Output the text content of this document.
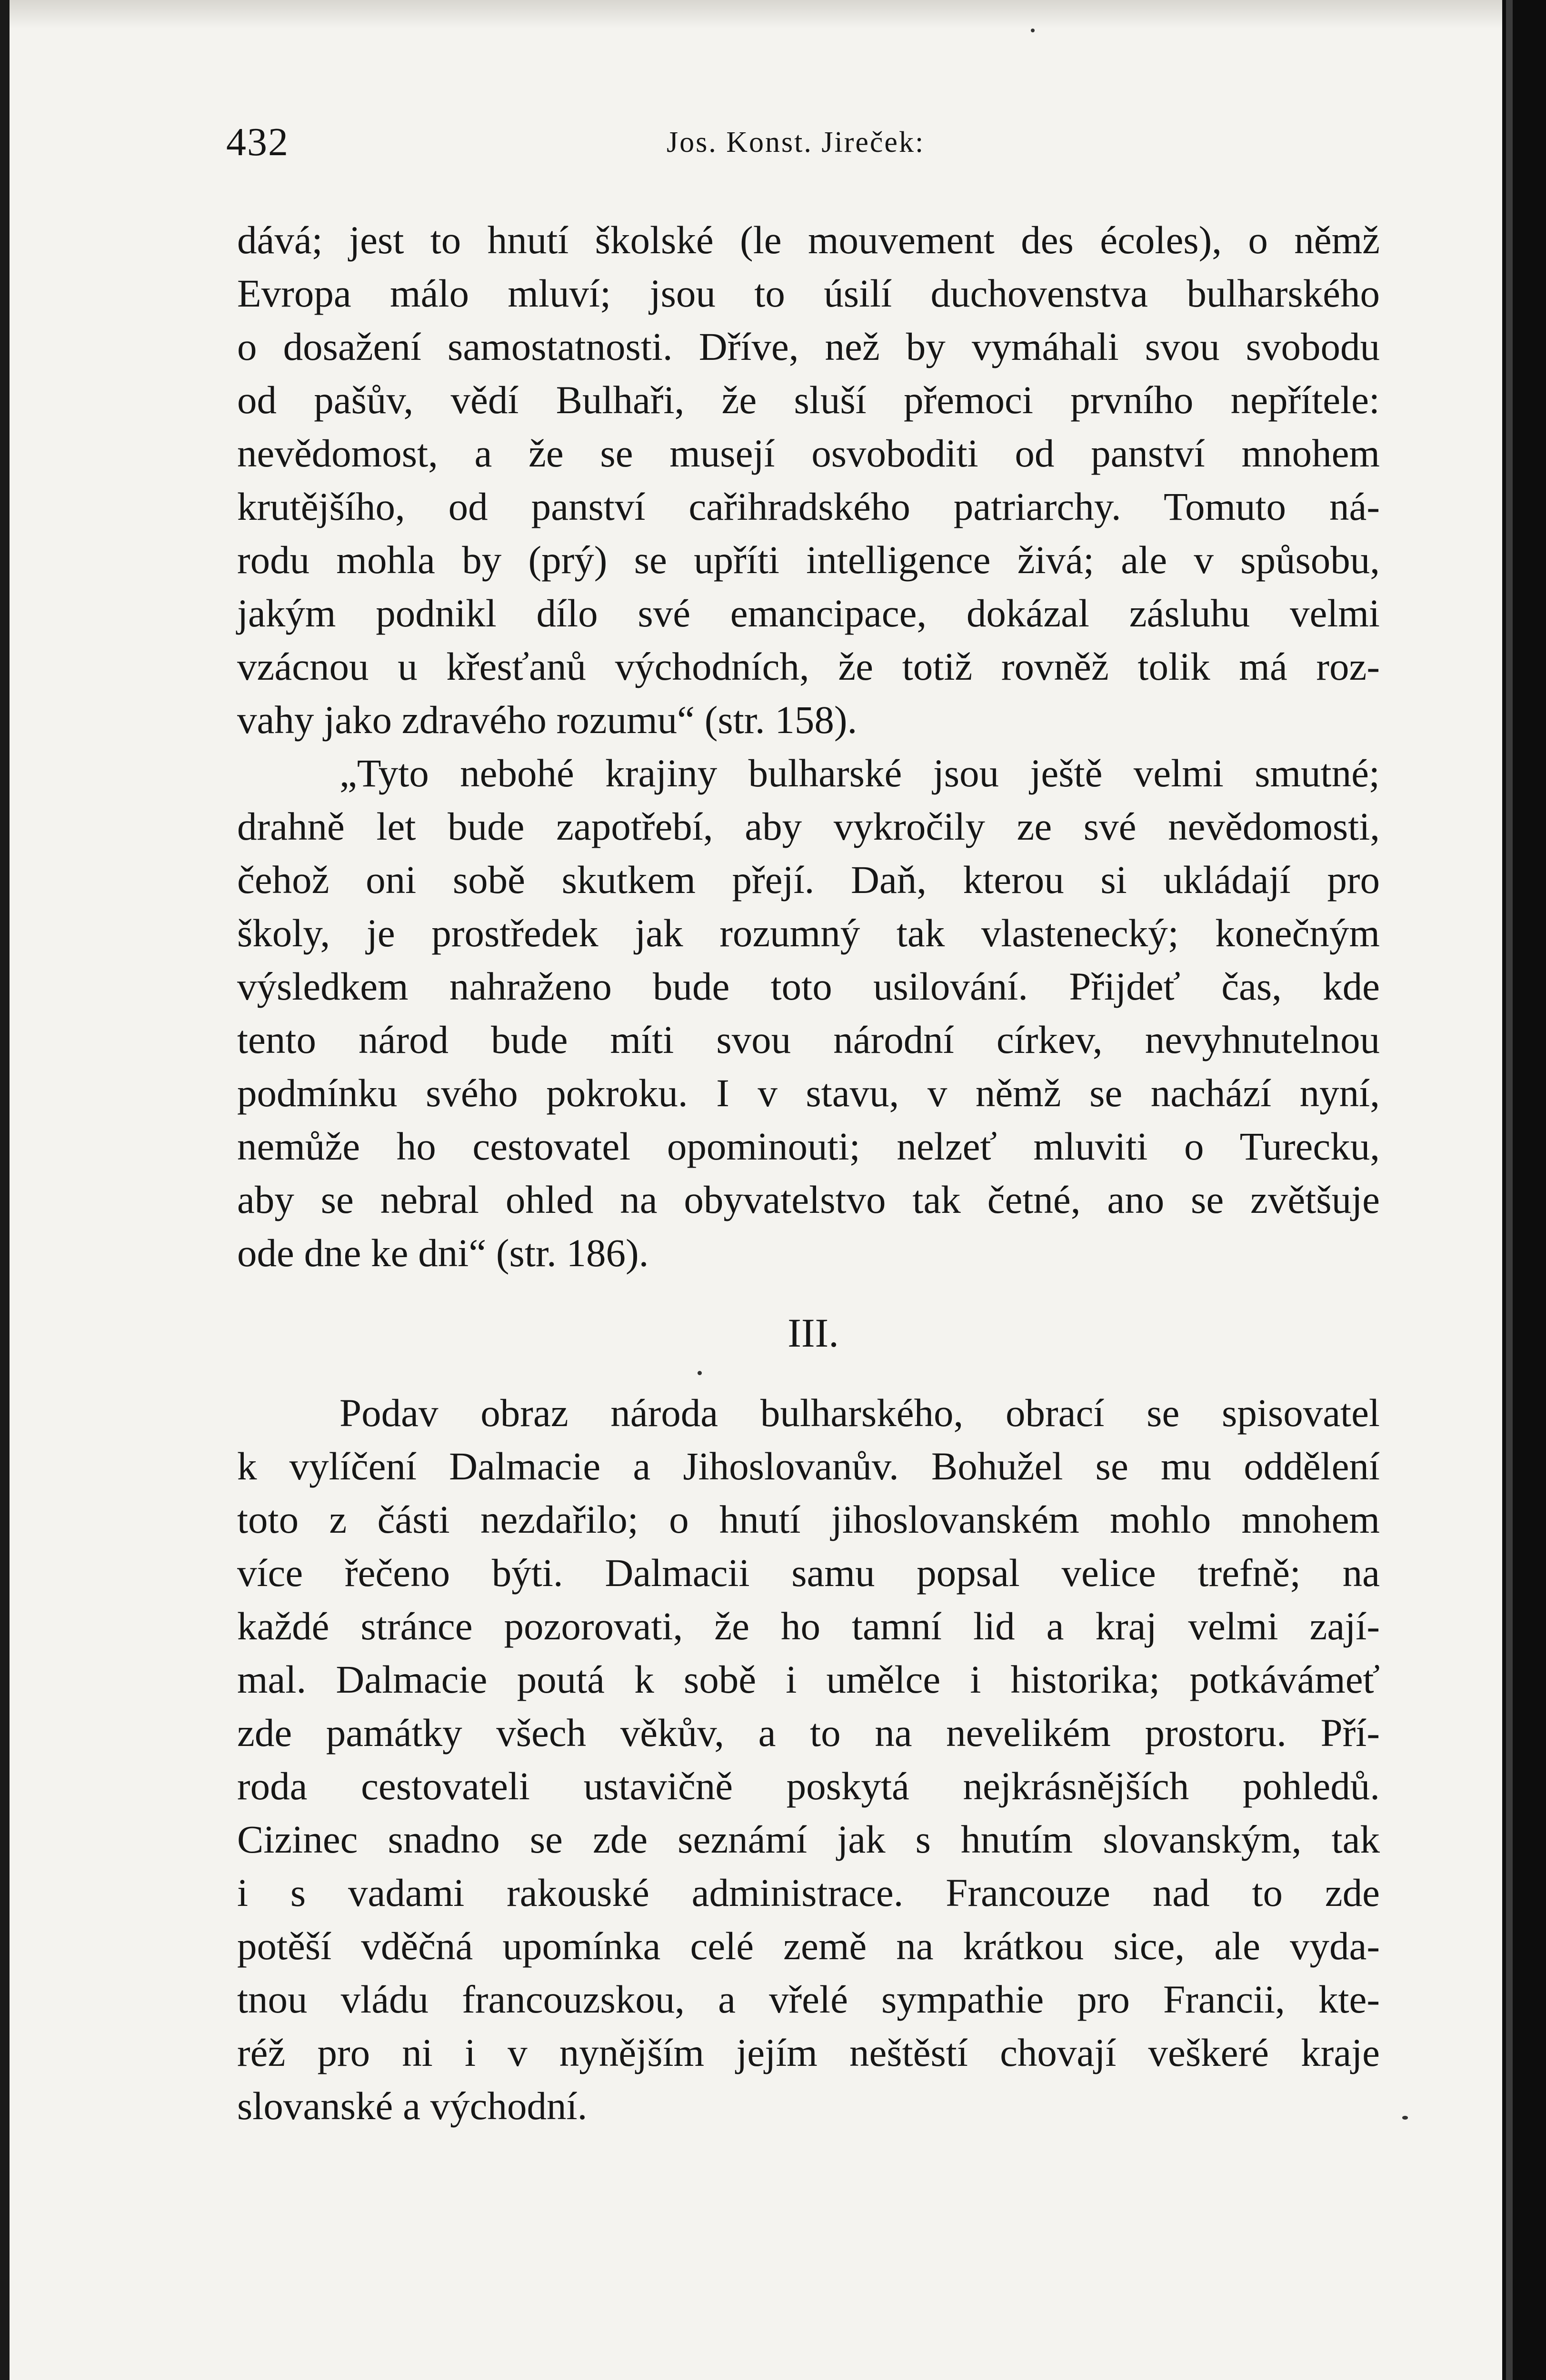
432	Jos. Konst. Jireček:
dává; jest to hnutí školské (le mouvement des écoles), o němž
Evropa málo mluví; jsou to úsilí duchovenstva bulharského
o dosažení samostatnosti. Dříve, než by vymáhali svou svobodu
od pašův, vědí Bulhaři, že sluší přemoci prvního nepřítele:
nevědomost, a že se musejí osvoboditi od panství mnohem
krutějšího, od panství cařihradského patriarchy. Tomuto ná-
rodu mohla by (prý) se upříti intelligence živá; ale v spůsobu,
jakým podnikl dílo své emancipace, dokázal zásluhu velmi
vzácnou u křesťanů východních, že totiž rovněž tolik má roz-
vahy jako zdravého rozumu“ (str. 158).
„Tyto nebohé krajiny bulharské jsou ještě velmi smutné;
drahně let bude zapotřebí, aby vykročily ze své nevědomosti,
čehož oni sobě skutkem přejí. Daň, kterou si ukládají pro
školy, je prostředek jak rozumný tak vlastenecký; konečným
výsledkem nahraženo bude toto usilování. Přijdeť čas, kde
tento národ bude míti svou národní církev, nevyhnutelnou
podmínku svého pokroku. I v stavu, v němž se nachází nyní,
nemůže ho cestovatel opominouti; nelzeť mluviti o Turecku,
aby se nebral ohled na obyvatelstvo tak četné, ano se zvětšuje
ode dne ke dni“ (str. 186).
III.
Podav obraz národa bulharského, obrací se spisovatel
k vylíčení Dalmacie a Jihoslovanův. Bohužel se mu oddělení
toto z části nezdařilo; o hnutí jihoslovanském mohlo mnohem
více řečeno býti. Dalmacii samu popsal velice trefně; na
každé stránce pozorovati, že ho tamní lid a kraj velmi zají-
mal. Dalmacie poutá k sobě i umělce i historika; potkávámeť
zde památky všech věkův, a to na nevelikém prostoru. Pří-
roda cestovateli ustavičně poskytá nejkrásnějších pohledů.
Cizinec snadno se zde seznámí jak s hnutím slovanským, tak
i s vadami rakouské administrace. Francouze nad to zde
potěší vděčná upomínka celé země na krátkou sice, ale vyda-
tnou vládu francouzskou, a vřelé sympathie pro Francii, kte-
réž pro ni i v nynějším jejím neštěstí chovají veškeré kraje
slovanské a východní.
